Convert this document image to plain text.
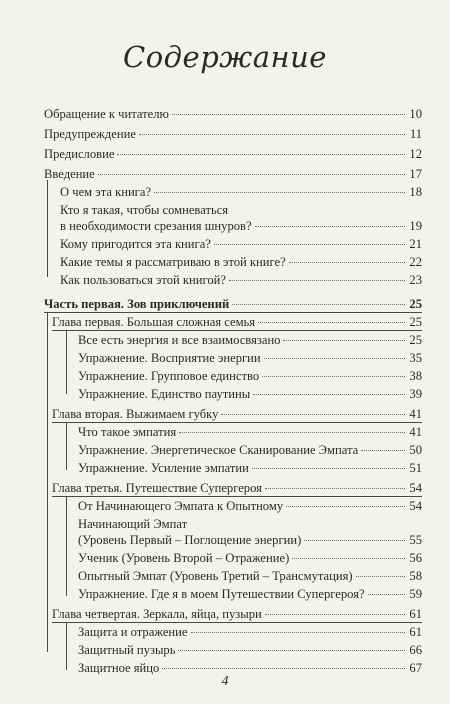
Содержание
Обращение к читателю	10
Предупреждение	11
Предисловие	12
Введение	17
О чем эта книга?	18
Кто я такая, чтобы сомневаться
в необходимости срезания шнуров?	19
Кому пригодится эта книга?	21
Какие темы я рассматриваю в этой книге?	22
Как пользоваться этой книгой?	23
Часть первая. Зов приключений	25
Глава первая. Большая сложная семья	25
Все есть энергия и все взаимосвязано	25
Упражнение. Восприятие энергии	35
Упражнение. Групповое единство	38
Упражнение. Единство паутины	39
Глава вторая. Выжимаем губку	41
Что такое эмпатия	41
Упражнение. Энергетическое Сканирование Эмпата	50
Упражнение. Усиление эмпатии	51
Глава третья. Путешествие Супергероя	54
От Начинающего Эмпата к Опытному	54
Начинающий Эмпат
(Уровень Первый – Поглощение энергии)	55
Ученик (Уровень Второй – Отражение)	56
Опытный Эмпат (Уровень Третий – Трансмутация)	58
Упражнение. Где я в моем Путешествии Супергероя?	59
Глава четвертая. Зеркала, яйца, пузыри	61
Защита и отражение	61
Защитный пузырь	66
Защитное яйцо	67
4
